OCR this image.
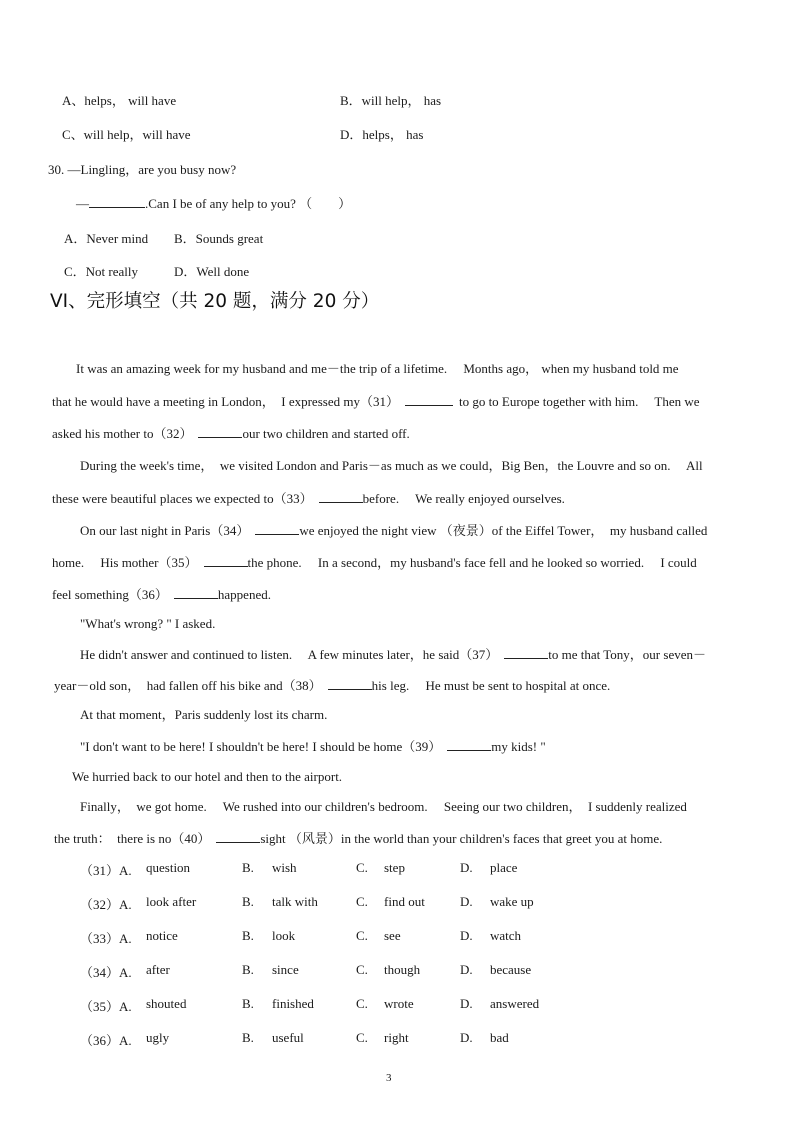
A、helps， will have	B．will help， has
C、will help，will have	D．helps， has
30. —Lingling，are you busy now?
—	.Can I be of any help to you? （　　）
A．Never mind B．Sounds great
C．Not really	D．Well done
VI、完形填空（共 20 题，满分 20 分）
It was an amazing week for my husband and me－the trip of a lifetime.　 Months ago， when my husband told me
that he would have a meeting in London，　I expressed my（31）	to go to Europe together with him.　 Then we
asked his mother to（32）	our two children and started off.
During the week's time，　we visited London and Paris－as much as we could，Big Ben，the Louvre and so on.　 All
these were beautiful places we expected to（33）	before.　 We really enjoyed ourselves.
On our last night in Paris（34）	we enjoyed the night view （夜景）of the Eiffel Tower，　my husband called
home.　 His mother（35）	the phone.　 In a second，my husband's face fell and he looked so worried.　 I could
feel something（36）	happened.
"What's wrong? " I asked.
He didn't answer and continued to listen.　 A few minutes later，he said（37）	to me that Tony，our seven－
year－old son，　had fallen off his bike and（38）	his leg.　 He must be sent to hospital at once.
At that moment，Paris suddenly lost its charm.
"I don't want to be here! I shouldn't be here! I should be home（39）	my kids! "
We hurried back to our hotel and then to the airport.
Finally，　we got home.　 We rushed into our children's bedroom.　 Seeing our two children，　I suddenly realized
the truth：　there is no（40）	sight （风景）in the world than your children's faces that greet you at home.
（31）A. question	B. wish	C. step	D. place
（32）A. look after	B. talk with	C. find out	D. wake up
（33）A. notice	B. look	C. see	D. watch
（34）A. after	B. since	C. though	D. because
（35）A. shouted	B. finished	C. wrote	D. answered
（36）A. ugly	B. useful	C. right	D. bad
3
